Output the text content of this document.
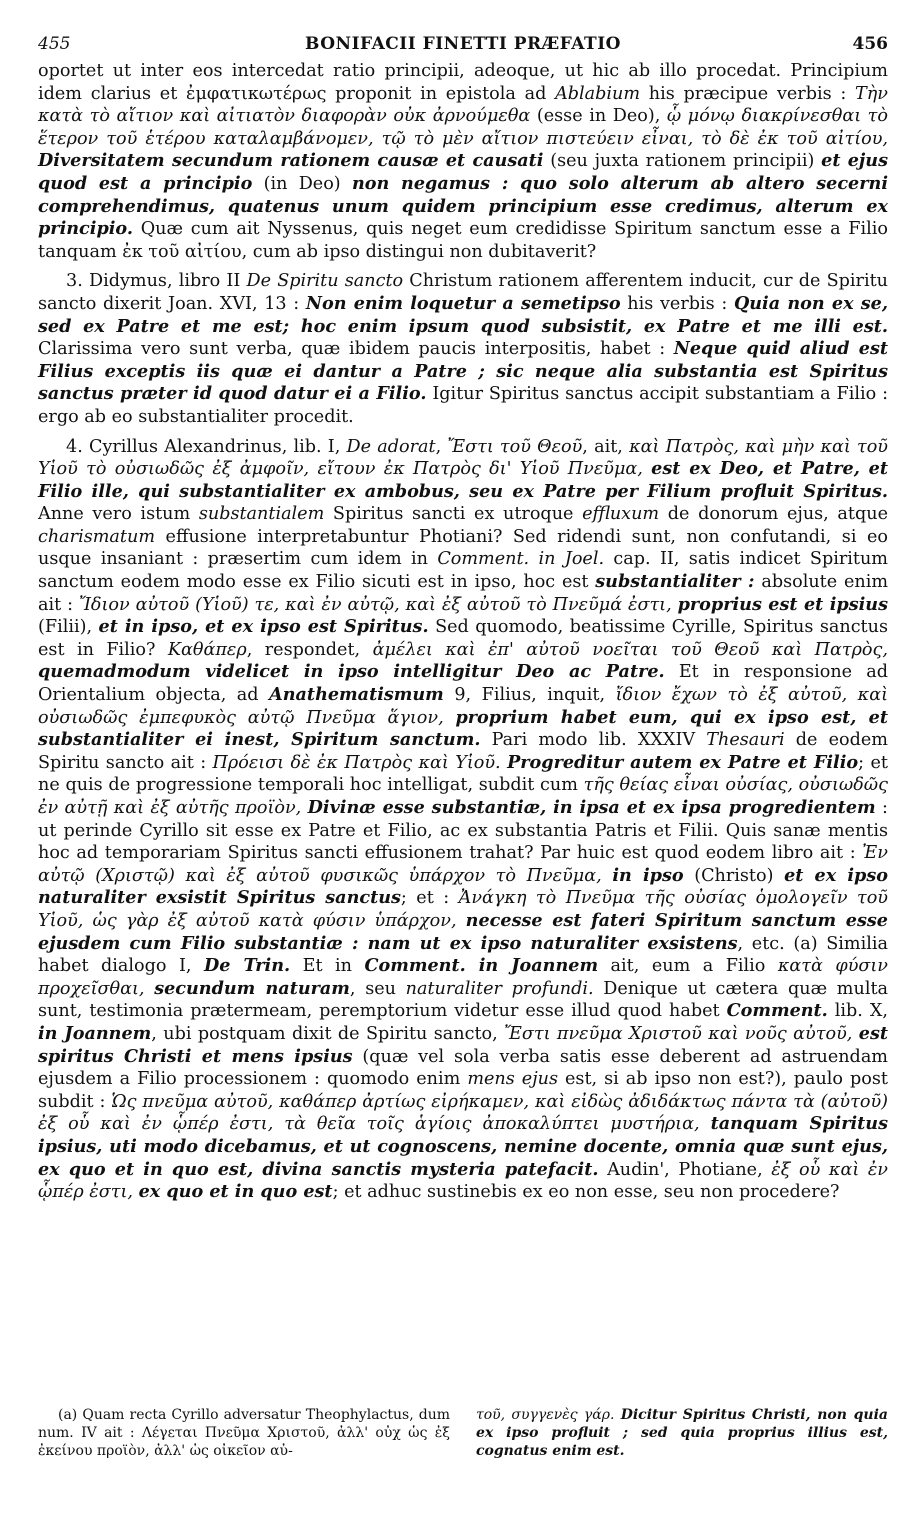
455	BONIFACII FINETTI PRÆFATIO	456

oportet ut inter eos intercedat ratio principii, adeoque, ut hic ab illo procedat. Principium idem clarius et ἐμφατικωτέρως proponit in epistola ad Ablabium his præcipue verbis : Τὴν κατὰ τὸ αἴτιον καὶ αἰτιατὸν διαφορὰν οὐκ ἀρνούμεθα (esse in Deo), ᾧ μόνῳ διακρίνεσθαι τὸ ἕτερον τοῦ ἑτέρου καταλαμβάνομεν, τῷ τὸ μὲν αἴτιον πιστεύειν εἶναι, τὸ δὲ ἐκ τοῦ αἰτίου, Diversitatem secundum rationem causæ et causati (seu juxta rationem principii) et ejus quod est a principio (in Deo) non negamus : quo solo alterum ab altero secerni comprehendimus, quatenus unum quidem principium esse credimus, alterum ex principio. Quæ cum ait Nyssenus, quis neget eum credidisse Spiritum sanctum esse a Filio tanquam ἐκ τοῦ αἰτίου, cum ab ipso distingui non dubitaverit?

3. Didymus, libro II De Spiritu sancto Christum rationem afferentem inducit, cur de Spiritu sancto dixerit Joan. XVI, 13 : Non enim loquetur a semetipso his verbis : Quia non ex se, sed ex Patre et me est; hoc enim ipsum quod subsistit, ex Patre et me illi est. Clarissima vero sunt verba, quæ ibidem paucis interpositis, habet : Neque quid aliud est Filius exceptis iis quæ ei dantur a Patre ; sic neque alia substantia est Spiritus sanctus præter id quod datur ei a Filio. Igitur Spiritus sanctus accipit substantiam a Filio : ergo ab eo substantialiter procedit.

4. Cyrillus Alexandrinus, lib. I, De adorat, Ἔστι τοῦ Θεοῦ, ait, καὶ Πατρὸς, καὶ μὴν καὶ τοῦ Υἱοῦ τὸ οὐσιωδῶς ἐξ ἀμφοῖν, εἴτουν ἐκ Πατρὸς δι' Υἱοῦ Πνεῦμα, est ex Deo, et Patre, et Filio ille, qui substantialiter ex ambobus, seu ex Patre per Filium profluit Spiritus. Anne vero istum substantialem Spiritus sancti ex utroque effluxum de donorum ejus, atque charismatum effusione interpretabuntur Photiani? Sed ridendi sunt, non confutandi, si eo usque insaniant : præsertim cum idem in Comment. in Joel. cap. II, satis indicet Spiritum sanctum eodem modo esse ex Filio sicuti est in ipso, hoc est substantialiter : absolute enim ait : Ἴδιον αὐτοῦ (Υἱοῦ) τε, καὶ ἐν αὐτῷ, καὶ ἐξ αὐτοῦ τὸ Πνεῦμά ἐστι, proprius est et ipsius (Filii), et in ipso, et ex ipso est Spiritus. Sed quomodo, beatissime Cyrille, Spiritus sanctus est in Filio? Καθάπερ, respondet, ἀμέλει καὶ ἐπ' αὐτοῦ νοεῖται τοῦ Θεοῦ καὶ Πατρὸς, quemadmodum videlicet in ipso intelligitur Deo ac Patre. Et in responsione ad Orientalium objecta, ad Anathematismum 9, Filius, inquit, ἴδιον ἔχων τὸ ἐξ αὐτοῦ, καὶ οὐσιωδῶς ἐμπεφυκὸς αὐτῷ Πνεῦμα ἅγιον, proprium habet eum, qui ex ipso est, et substantialiter ei inest, Spiritum sanctum. Pari modo lib. XXXIV Thesauri de eodem Spiritu sancto ait : Πρόεισι δὲ ἐκ Πατρὸς καὶ Υἱοῦ. Progreditur autem ex Patre et Filio; et ne quis de progressione temporali hoc intelligat, subdit cum τῆς θείας εἶναι οὐσίας, οὐσιωδῶς ἐν αὐτῇ καὶ ἐξ αὐτῆς προϊὸν, Divinæ esse substantiæ, in ipsa et ex ipsa progredientem : ut perinde Cyrillo sit esse ex Patre et Filio, ac ex substantia Patris et Filii. Quis sanæ mentis hoc ad temporariam Spiritus sancti effusionem trahat? Par huic est quod eodem libro ait : Ἐν αὐτῷ (Χριστῷ) καὶ ἐξ αὐτοῦ φυσικῶς ὑπάρχον τὸ Πνεῦμα, in ipso (Christo) et ex ipso naturaliter exsistit Spiritus sanctus; et : Ἀνάγκη τὸ Πνεῦμα τῆς οὐσίας ὁμολογεῖν τοῦ Υἱοῦ, ὡς γὰρ ἐξ αὐτοῦ κατὰ φύσιν ὑπάρχον, necesse est fateri Spiritum sanctum esse ejusdem cum Filio substantiæ : nam ut ex ipso naturaliter exsistens, etc. (a) Similia habet dialogo I, De Trin. Et in Comment. in Joannem ait, eum a Filio κατὰ φύσιν προχεῖσθαι, secundum naturam, seu naturaliter profundi. Denique ut cætera quæ multa sunt, testimonia prætermeam, peremptorium videtur esse illud quod habet Comment. lib. X, in Joannem, ubi postquam dixit de Spiritu sancto, Ἔστι πνεῦμα Χριστοῦ καὶ νοῦς αὐτοῦ, est spiritus Christi et mens ipsius (quæ vel sola verba satis esse deberent ad astruendam ejusdem a Filio processionem : quomodo enim mens ejus est, si ab ipso non est?), paulo post subdit : Ὡς πνεῦμα αὐτοῦ, καθάπερ ἀρτίως εἰρήκαμεν, καὶ εἰδὼς ἀδιδάκτως πάντα τὰ (αὐτοῦ) ἐξ οὗ καὶ ἐν ᾧπέρ ἐστι, τὰ θεῖα τοῖς ἁγίοις ἀποκαλύπτει μυστήρια, tanquam Spiritus ipsius, uti modo dicebamus, et ut cognoscens, nemine docente, omnia quæ sunt ejus, ex quo et in quo est, divina sanctis mysteria patefacit. Audin', Photiane, ἐξ οὗ καὶ ἐν ᾧπέρ ἐστι, ex quo et in quo est; et adhuc sustinebis ex eo non esse, seu non procedere?

(a) Quam recta Cyrillo adversatur Theophylactus, dum num. IV ait : Λέγεται Πνεῦμα Χριστοῦ, ἀλλ' οὐχ ὡς ἐξ ἐκείνου προϊὸν, ἀλλ' ὡς οἰκεῖον αὐ-
τοῦ, συγγενὲς γάρ. Dicitur Spiritus Christi, non quia ex ipso profluit ; sed quia proprius illius est, cognatus enim est.
